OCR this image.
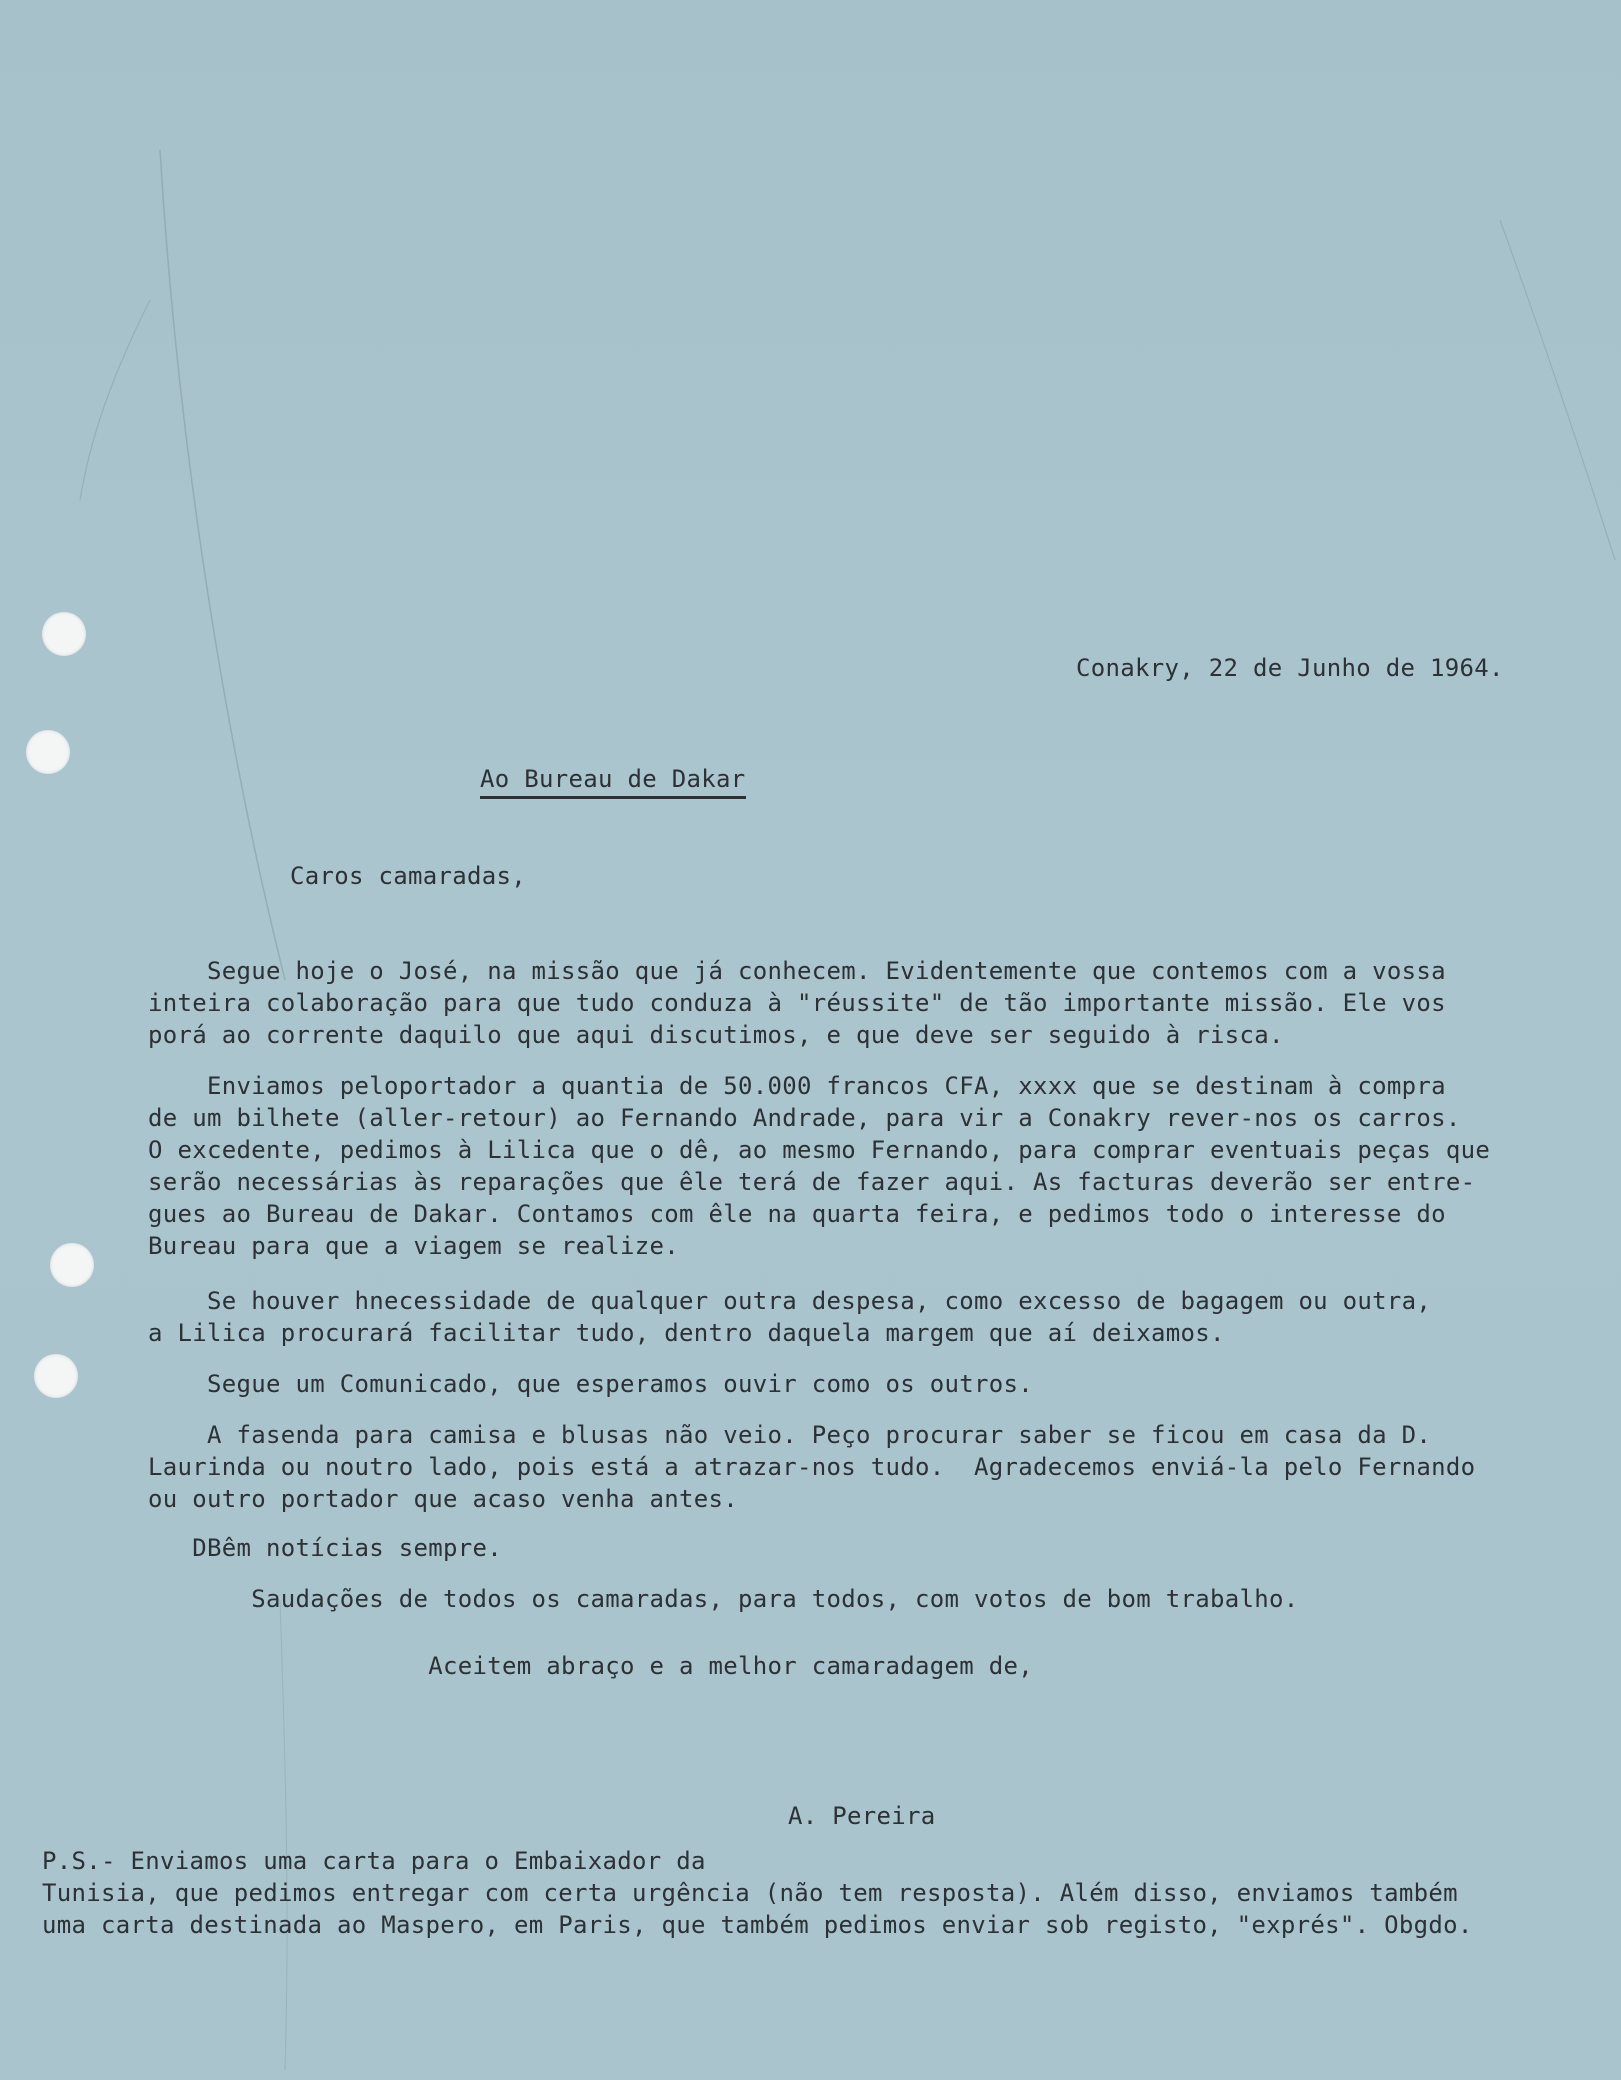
Conakry, 22 de Junho de 1964.
Ao Bureau de Dakar
Caros camaradas,
Segue hoje o José, na missão que já conhecem. Evidentemente que contemos com a vossa
inteira colaboração para que tudo conduza à "réussite" de tão importante missão. Ele vos
porá ao corrente daquilo que aqui discutimos, e que deve ser seguido à risca.
Enviamos peloportador a quantia de 50.000 francos CFA, xxxx que se destinam à compra
de um bilhete (aller-retour) ao Fernando Andrade, para vir a Conakry rever-nos os carros.
O excedente, pedimos à Lilica que o dê, ao mesmo Fernando, para comprar eventuais peças que
serão necessárias às reparações que êle terá de fazer aqui. As facturas deverão ser entre-
gues ao Bureau de Dakar. Contamos com êle na quarta feira, e pedimos todo o interesse do
Bureau para que a viagem se realize.
Se houver hnecessidade de qualquer outra despesa, como excesso de bagagem ou outra,
a Lilica procurará facilitar tudo, dentro daquela margem que aí deixamos.
Segue um Comunicado, que esperamos ouvir como os outros.
A fasenda para camisa e blusas não veio. Peço procurar saber se ficou em casa da D.
Laurinda ou noutro lado, pois está a atrazar-nos tudo.  Agradecemos enviá-la pelo Fernando
ou outro portador que acaso venha antes.
DBêm notícias sempre.
Saudações de todos os camaradas, para todos, com votos de bom trabalho.
Aceitem abraço e a melhor camaradagem de,
A. Pereira
P.S.- Enviamos uma carta para o Embaixador da
Tunisia, que pedimos entregar com certa urgência (não tem resposta). Além disso, enviamos também
uma carta destinada ao Maspero, em Paris, que também pedimos enviar sob registo, "exprés". Obgdo.
